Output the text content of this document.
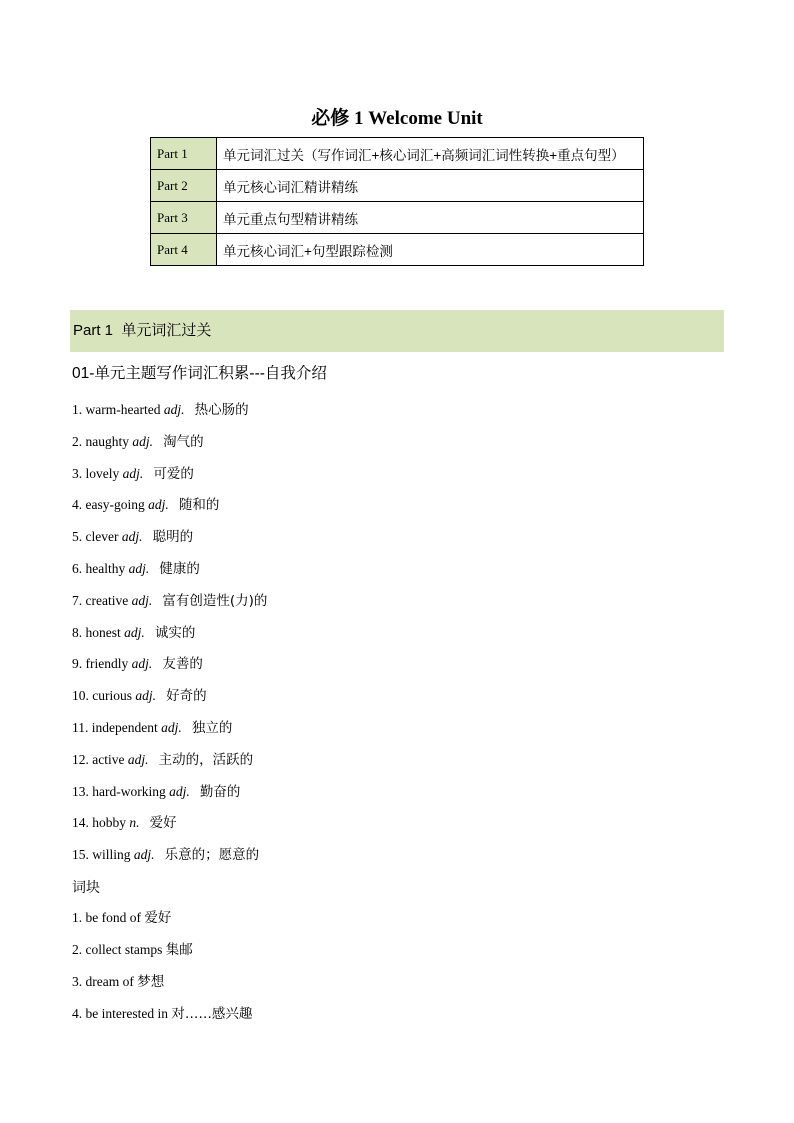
必修 1 Welcome Unit
Part 1	单元词汇过关（写作词汇+核心词汇+高频词汇词性转换+重点句型）
Part 2	单元核心词汇精讲精练
Part 3	单元重点句型精讲精练
Part 4	单元核心词汇+句型跟踪检测
Part 1 单元词汇过关
01-单元主题写作词汇积累---自我介绍
1. warm-hearted adj. 热心肠的
2. naughty adj. 淘气的
3. lovely adj. 可爱的
4. easy-going adj. 随和的
5. clever adj. 聪明的
6. healthy adj. 健康的
7. creative adj. 富有创造性(力)的
8. honest adj. 诚实的
9. friendly adj. 友善的
10. curious adj. 好奇的
11. independent adj. 独立的
12. active adj. 主动的，活跃的
13. hard-working adj. 勤奋的
14. hobby n. 爱好
15. willing adj. 乐意的；愿意的
词块
1. be fond of 爱好
2. collect stamps 集邮
3. dream of 梦想
4. be interested in 对……感兴趣
